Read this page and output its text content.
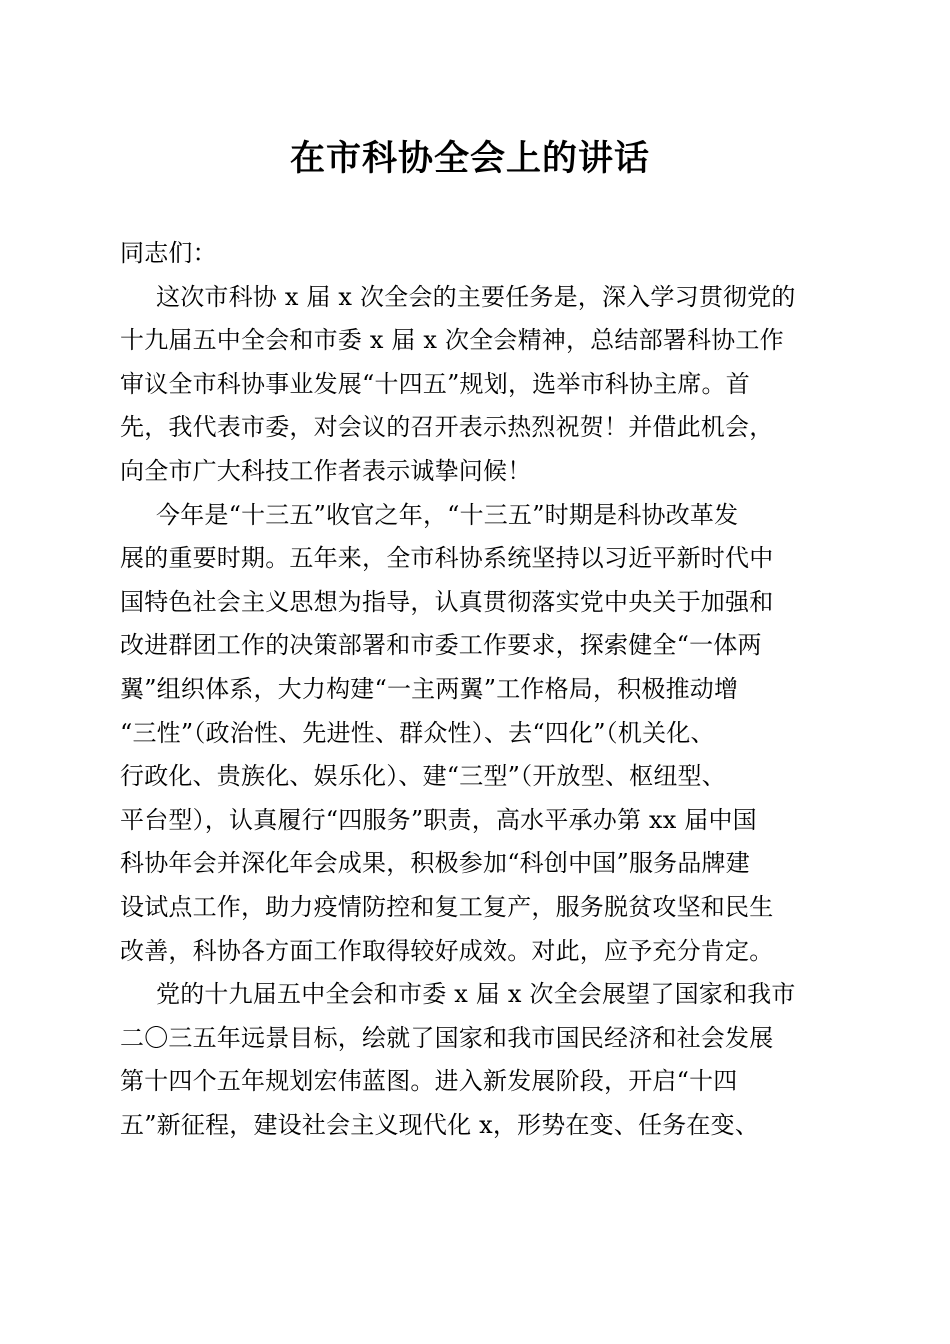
在市科协全会上的讲话
同志们：
这次市科协 x 届 x 次全会的主要任务是，深入学习贯彻党的
十九届五中全会和市委 x 届 x 次全会精神，总结部署科协工作
审议全市科协事业发展“十四五”规划，选举市科协主席。首
先，我代表市委，对会议的召开表示热烈祝贺！并借此机会，
向全市广大科技工作者表示诚挚问候！
今年是“十三五”收官之年，“十三五”时期是科协改革发
展的重要时期。五年来，全市科协系统坚持以习近平新时代中
国特色社会主义思想为指导，认真贯彻落实党中央关于加强和
改进群团工作的决策部署和市委工作要求，探索健全“一体两
翼”组织体系，大力构建“一主两翼”工作格局，积极推动增
“三性”（政治性、先进性、群众性）、去“四化”（机关化、
行政化、贵族化、娱乐化）、建“三型”（开放型、枢纽型、
平台型），认真履行“四服务”职责，高水平承办第 xx 届中国
科协年会并深化年会成果，积极参加“科创中国”服务品牌建
设试点工作，助力疫情防控和复工复产，服务脱贫攻坚和民生
改善，科协各方面工作取得较好成效。对此，应予充分肯定。
党的十九届五中全会和市委 x 届 x 次全会展望了国家和我市
二〇三五年远景目标，绘就了国家和我市国民经济和社会发展
第十四个五年规划宏伟蓝图。进入新发展阶段，开启“十四
五”新征程，建设社会主义现代化 x，形势在变、任务在变、
